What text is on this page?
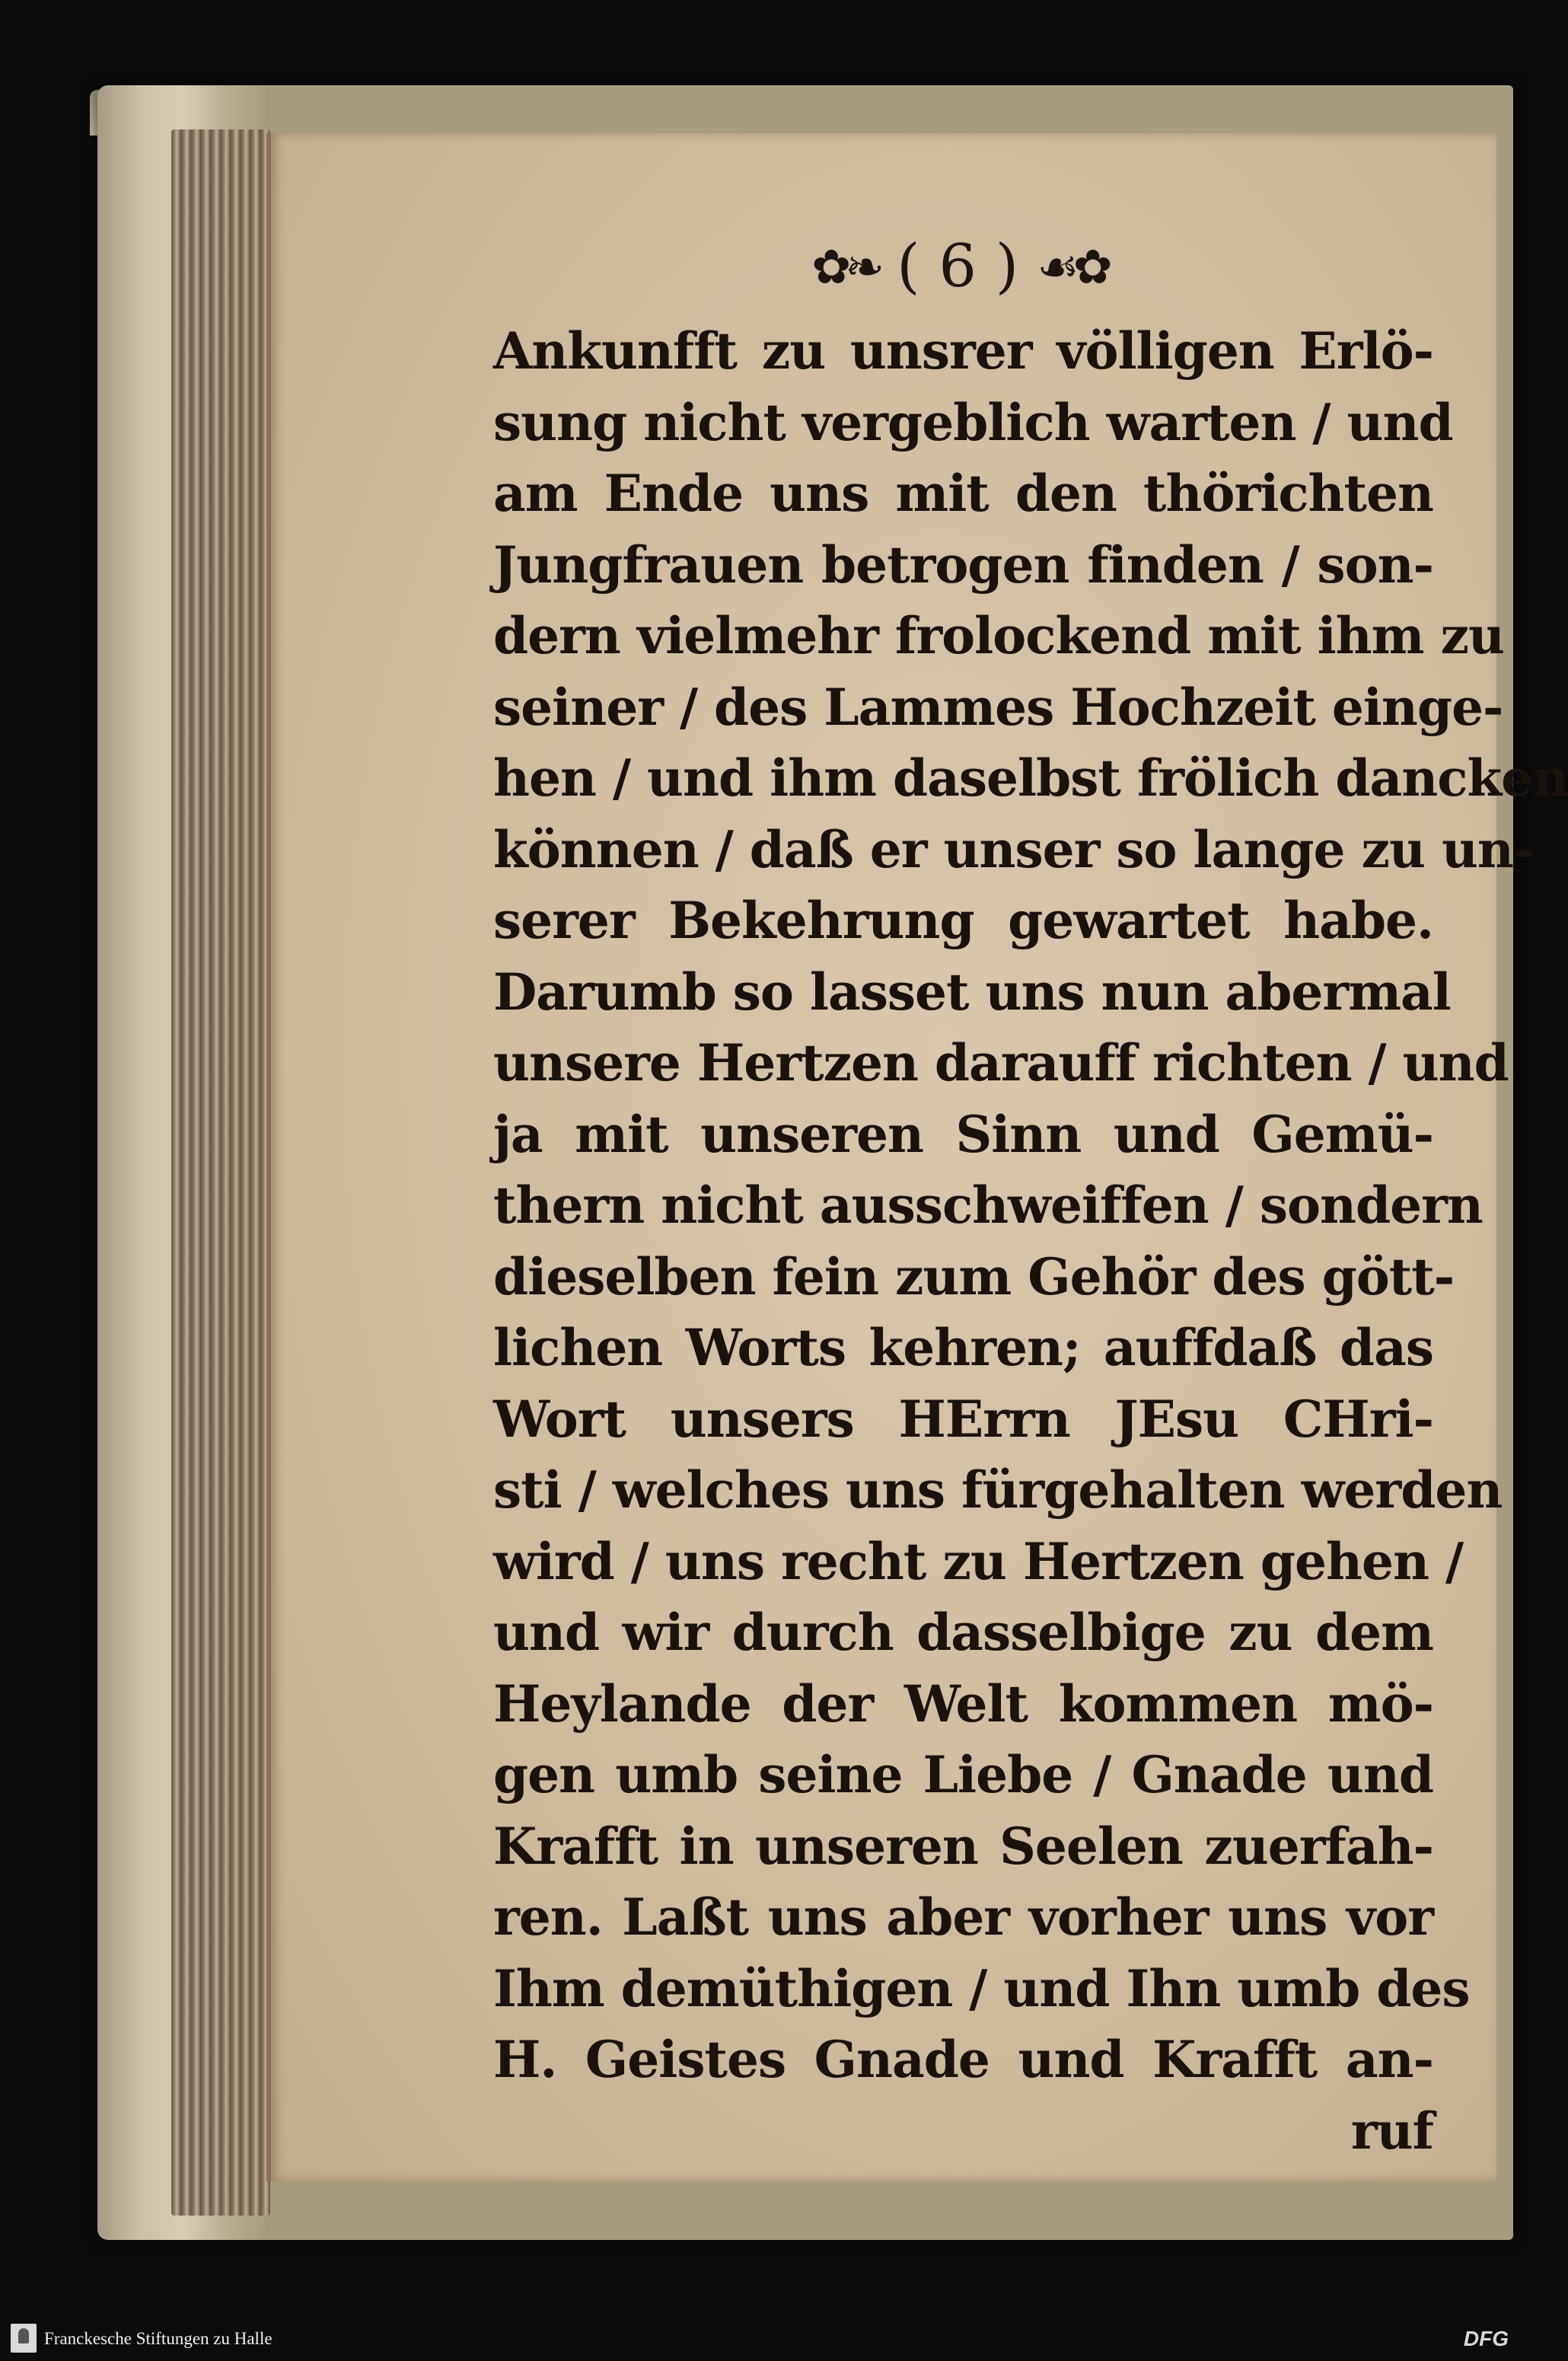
✿❧ ( 6 ) ☙✿
Ankunfft zu unsrer völligen Erlö-
sung nicht vergeblich warten / und
am Ende uns mit den thörichten
Jungfrauen betrogen finden / son-
dern vielmehr frolockend mit ihm zu
seiner / des Lammes Hochzeit einge-
hen / und ihm daselbst frölich dancken
können / daß er unser so lange zu un-
serer Bekehrung gewartet habe.
Darumb so lasset uns nun abermal
unsere Hertzen darauff richten / und
ja mit unseren Sinn und Gemü-
thern nicht ausschweiffen / sondern
dieselben fein zum Gehör des gött-
lichen Worts kehren; auffdaß das
Wort unsers HErrn JEsu CHri-
sti / welches uns fürgehalten werden
wird / uns recht zu Hertzen gehen /
und wir durch dasselbige zu dem
Heylande der Welt kommen mö-
gen umb seine Liebe / Gnade und
Krafft in unseren Seelen zuerfah-
ren. Laßt uns aber vorher uns vor
Ihm demüthigen / und Ihn umb des
H. Geistes Gnade und Krafft an-
ruf
Franckesche Stiftungen zu Halle	DFG
